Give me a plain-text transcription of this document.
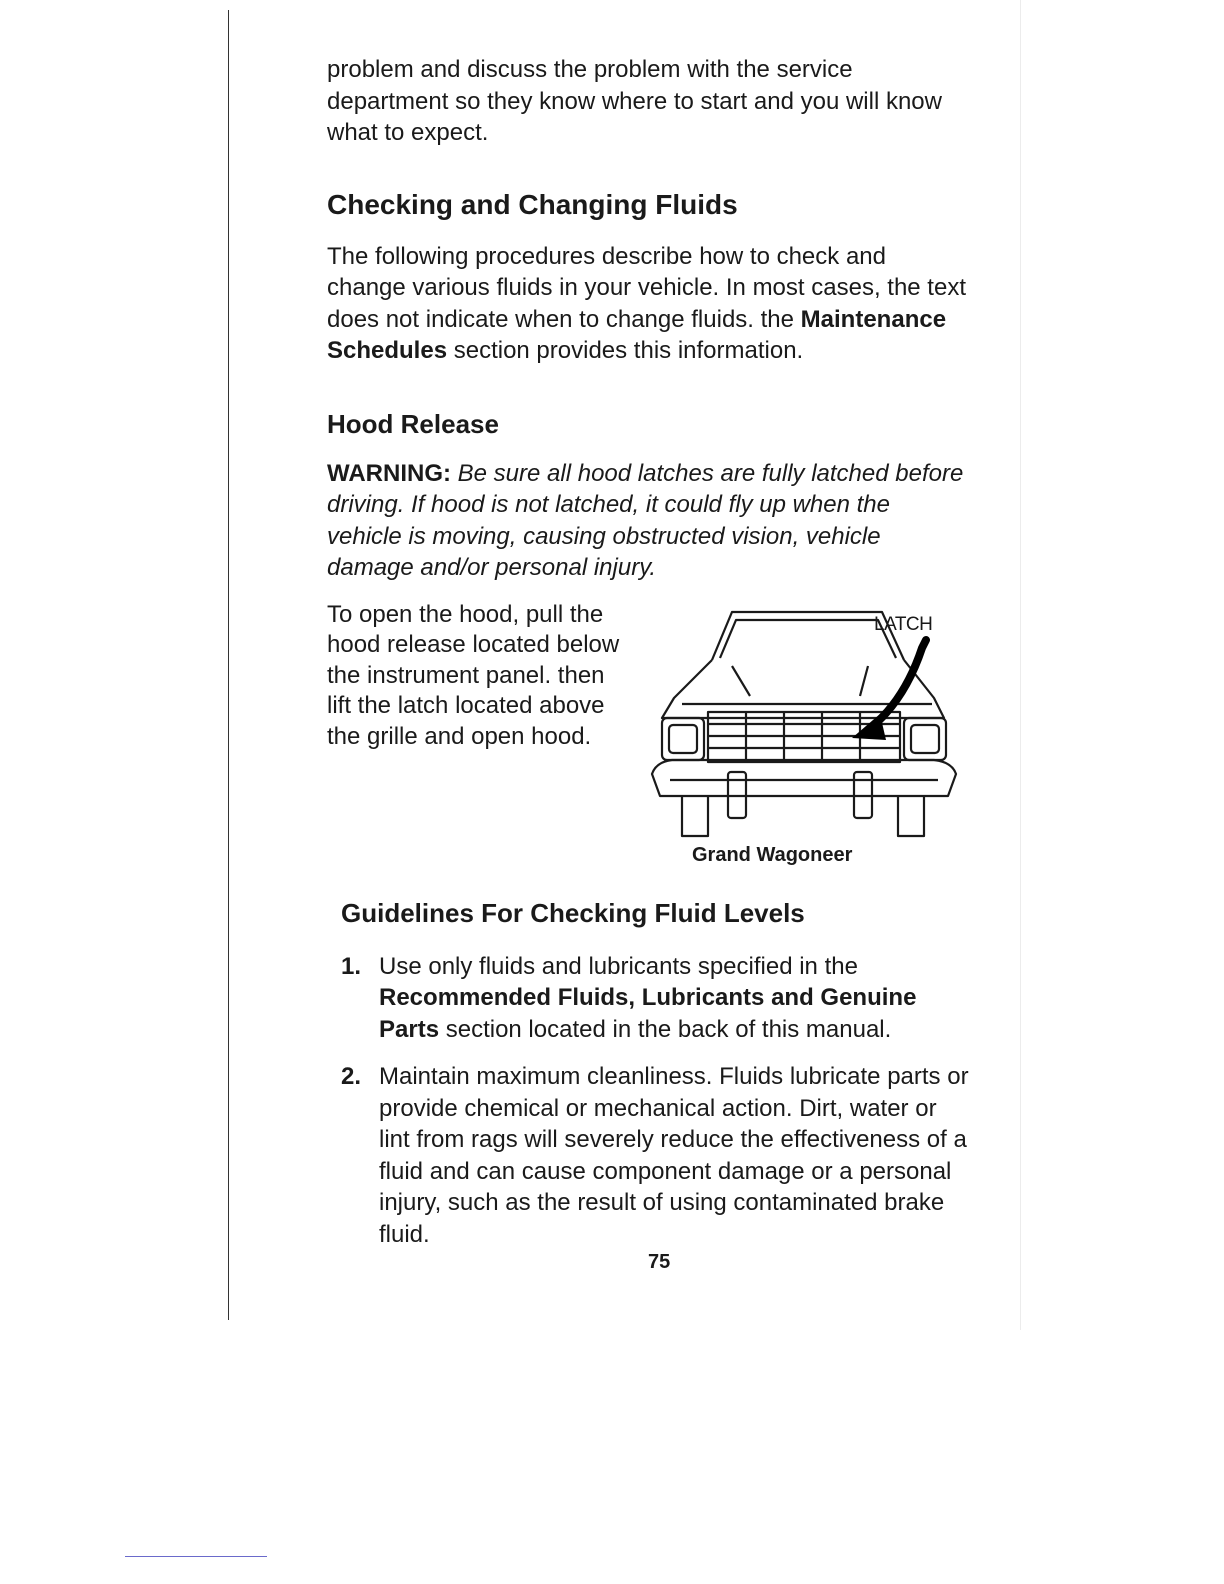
problem and discuss the problem with the service department so they know where to start and you will know what to expect.

Checking and Changing Fluids

The following procedures describe how to check and change various fluids in your vehicle. In most cases, the text does not indicate when to change fluids. the Maintenance Schedules section provides this information.

Hood Release

WARNING: Be sure all hood latches are fully latched before driving. If hood is not latched, it could fly up when the vehicle is moving, causing obstructed vision, vehicle damage and/or personal injury.

To open the hood, pull the hood release located below the instrument panel. then lift the latch located above the grille and open hood.

LATCH
Grand Wagoneer
Guidelines For Checking Fluid Levels
1. Use only fluids and lubricants specified in the Recommended Fluids, Lubricants and Genuine Parts section located in the back of this manual.

2. Maintain maximum cleanliness. Fluids lubricate parts or provide chemical or mechanical action. Dirt, water or lint from rags will severely reduce the effectiveness of a fluid and can cause component damage or a personal injury, such as the result of using contaminated brake fluid.

75
